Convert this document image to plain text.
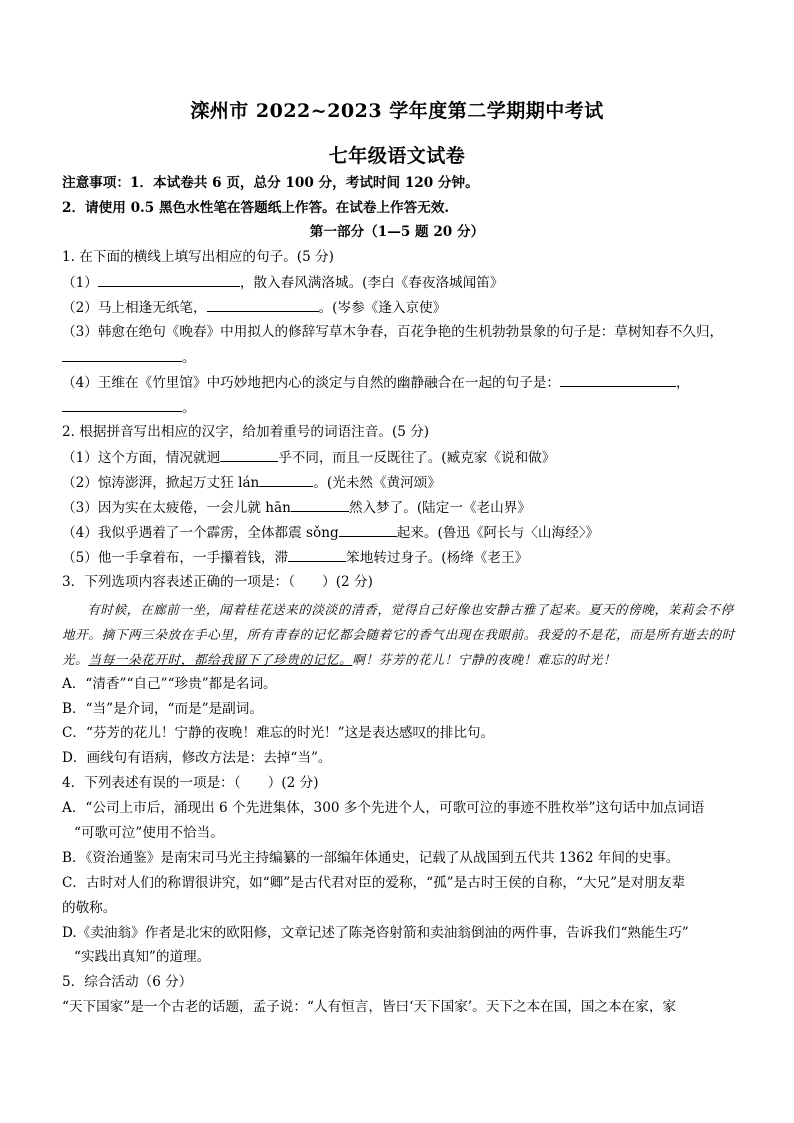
滦州市 2022~2023 学年度第二学期期中考试
七年级语文试卷
注意事项：1．本试卷共 6 页，总分 100 分，考试时间 120 分钟。
2．请使用 0.5 黑色水性笔在答题纸上作答。在试卷上作答无效.
第一部分（1—5 题 20 分）
1. 在下面的横线上填写出相应的句子。(5 分)
（1）	，散入春风满洛城。(李白《春夜洛城闻笛》
（2）马上相逢无纸笔，	。(岑参《逢入京使》
（3）韩愈在绝句《晚春》中用拟人的修辞写草木争春，百花争艳的生机勃勃景象的句子是：草树知春不久归，
。
（4）王维在《竹里馆》中巧妙地把内心的淡定与自然的幽静融合在一起的句子是：	，
。
2. 根据拼音写出相应的汉字，给加着重号的词语注音。(5 分)
（1）这个方面，情况就迥	乎不同，而且一反既往了。(臧克家《说和做》
（2）惊涛澎湃，掀起万丈狂 lán	。(光未然《黄河颂》
（3）因为实在太疲倦，一会儿就 hān	然入梦了。(陆定一《老山界》
（4）我似乎遇着了一个霹雳，全体都震 sǒng	起来。(鲁迅《阿长与〈山海经〉》
（5）他一手拿着布，一手攥着钱，滞	笨地转过身子。(杨绛《老王》
3．下列选项内容表述正确的一项是：（　　）(2 分)
有时候，在廊前一坐，闻着桂花送来的淡淡的清香，觉得自己好像也安静古雅了起来。夏天的傍晚，茉莉会不停地开。摘下两三朵放在手心里，所有青春的记忆都会随着它的香气出现在我眼前。我爱的不是花，而是所有逝去的时光。当每一朵花开时，都给我留下了珍贵的记忆。啊！芬芳的花儿！宁静的夜晚！难忘的时光！
A．“清香”“自己”“珍贵”都是名词。
B．“当”是介词，“而是”是副词。
C．“芬芳的花儿！宁静的夜晚！难忘的时光！”这是表达感叹的排比句。
D．画线句有语病，修改方法是：去掉“当”。
4．下列表述有误的一项是：（　　）(2 分)
A．“公司上市后，涌现出 6 个先进集体，300 多个先进个人，可歌可泣的事迹不胜枚举”这句话中加点词语
“可歌可泣”使用不恰当。
B．《资治通鉴》是南宋司马光主持编纂的一部编年体通史，记载了从战国到五代共 1362 年间的史事。
C．古时对人们的称谓很讲究，如“卿”是古代君对臣的爱称，“孤”是古时王侯的自称，“大兄”是对朋友辈
的敬称。
D.《卖油翁》作者是北宋的欧阳修，文章记述了陈尧咨射箭和卖油翁倒油的两件事，告诉我们“熟能生巧”
“实践出真知”的道理。
5．综合活动（6 分）
“天下国家”是一个古老的话题，孟子说：“人有恒言，皆曰‘天下国家’。天下之本在国，国之本在家，家
